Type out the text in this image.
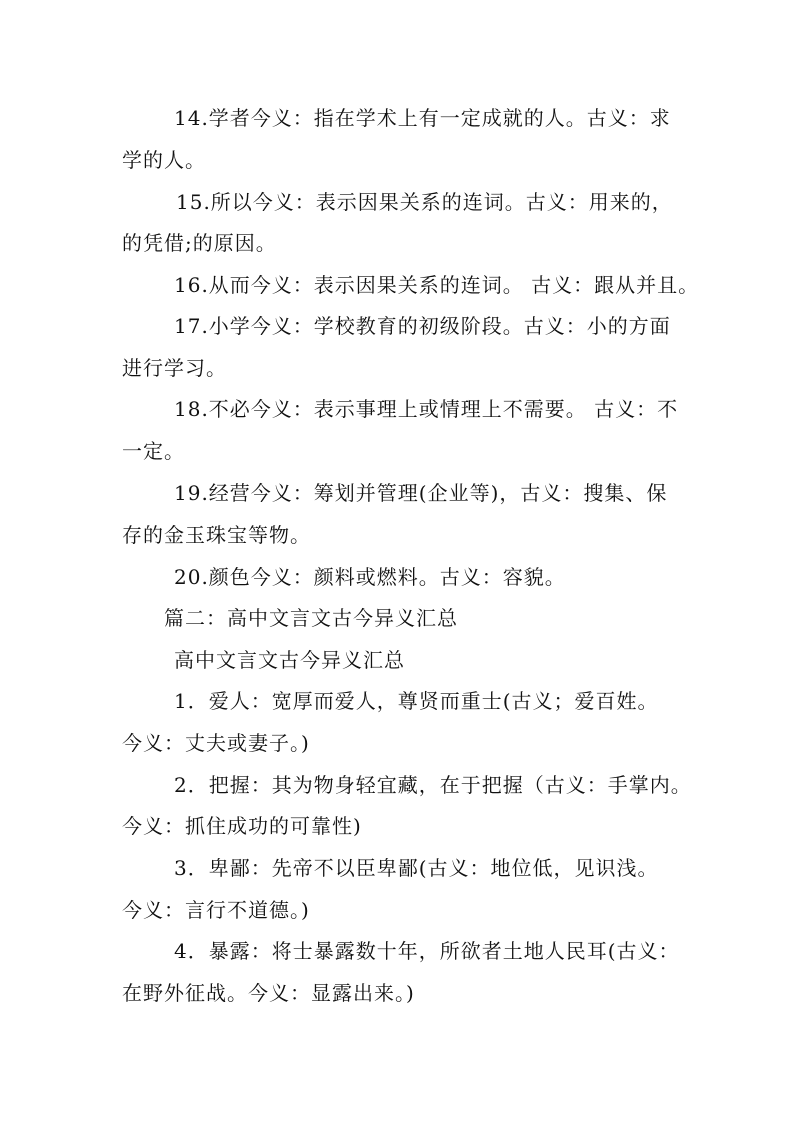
14.学者今义：指在学术上有一定成就的人。古义：求
学的人。
15.所以今义：表示因果关系的连词。古义：用来的，
的凭借;的原因。
16.从而今义：表示因果关系的连词。 古义：跟从并且。
17.小学今义：学校教育的初级阶段。古义：小的方面
进行学习。
18.不必今义：表示事理上或情理上不需要。 古义：不
一定。
19.经营今义：筹划并管理(企业等)，古义：搜集、保
存的金玉珠宝等物。
20.颜色今义：颜料或燃料。古义：容貌。
篇二：高中文言文古今异义汇总
高中文言文古今异义汇总
1．爱人：宽厚而爱人，尊贤而重士(古义；爱百姓。
今义：丈夫或妻子。)
2．把握：其为物身轻宜藏，在于把握（古义：手掌内。
今义：抓住成功的可靠性)
3．卑鄙：先帝不以臣卑鄙(古义：地位低，见识浅。
今义：言行不道德。)
4．暴露：将士暴露数十年，所欲者土地人民耳(古义：
在野外征战。今义：显露出来。)
